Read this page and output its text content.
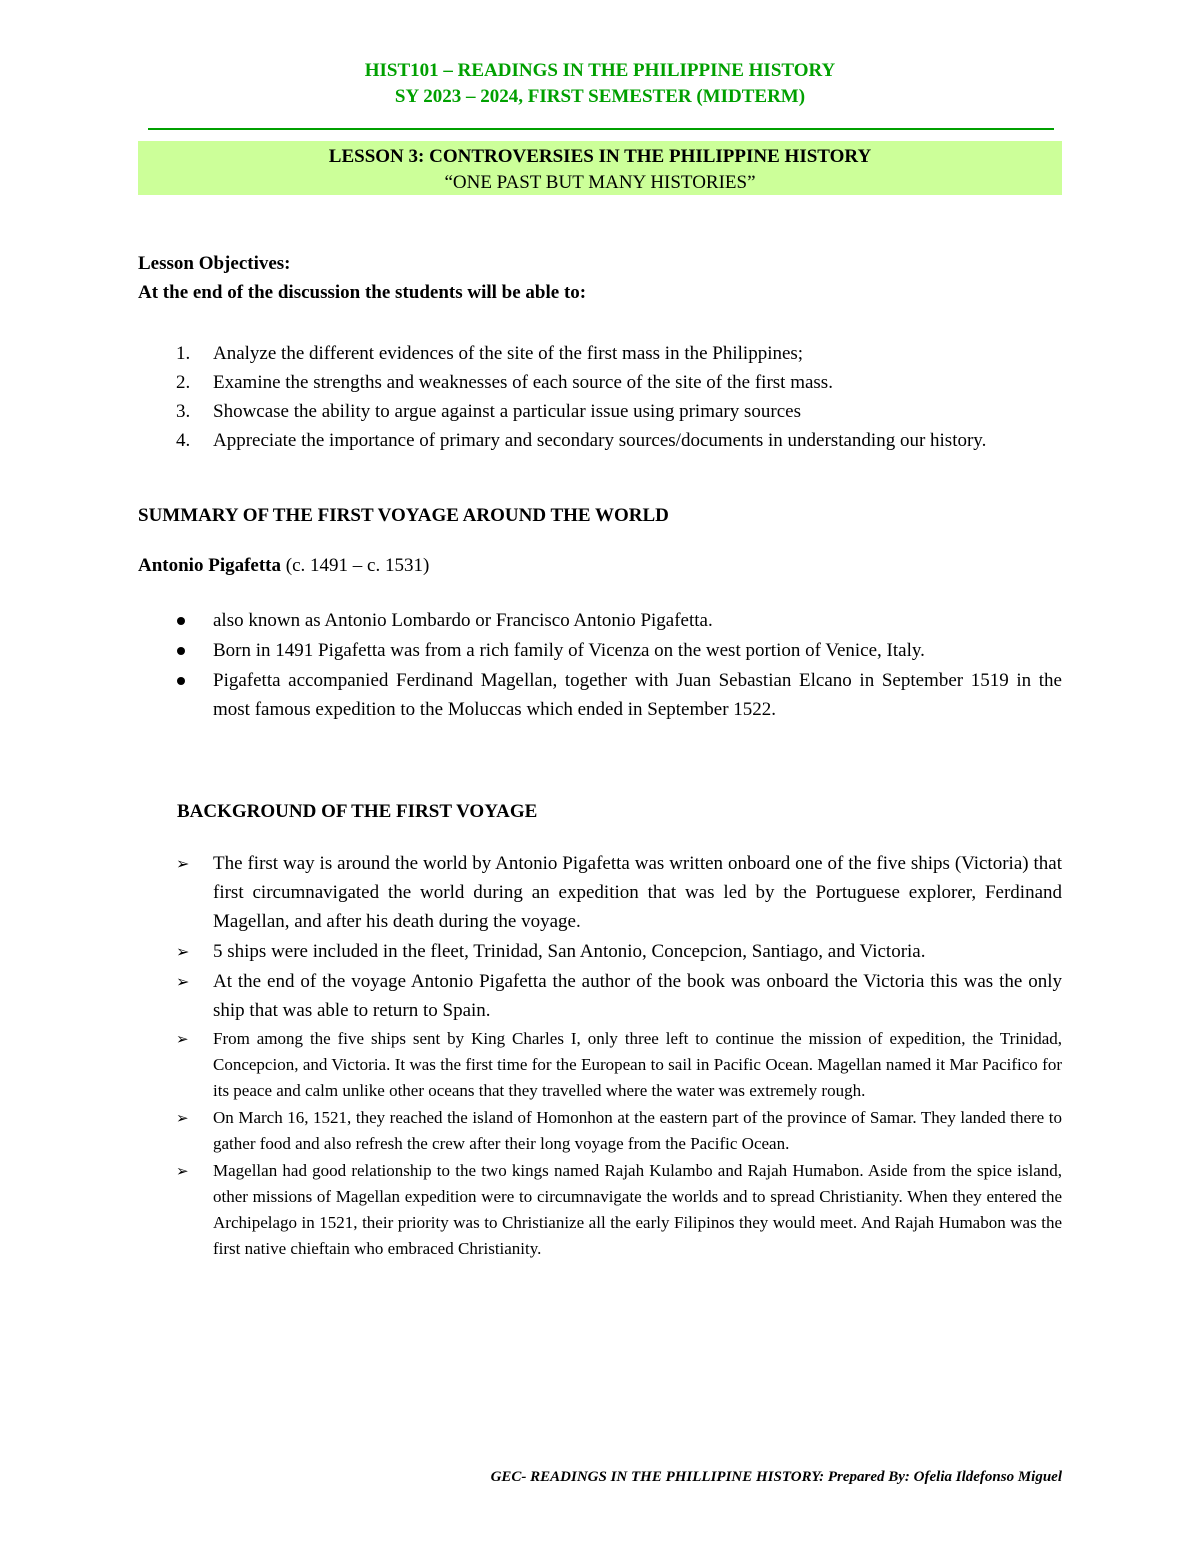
HIST101 – READINGS IN THE PHILIPPINE HISTORY
SY 2023 – 2024, FIRST SEMESTER (MIDTERM)
LESSON 3: CONTROVERSIES IN THE PHILIPPINE HISTORY
“ONE PAST BUT MANY HISTORIES”
Lesson Objectives:
At the end of the discussion the students will be able to:
1. Analyze the different evidences of the site of the first mass in the Philippines;
2. Examine the strengths and weaknesses of each source of the site of the first mass.
3. Showcase the ability to argue against a particular issue using primary sources
4. Appreciate the importance of primary and secondary sources/documents in understanding our history.
SUMMARY OF THE FIRST VOYAGE AROUND THE WORLD
Antonio Pigafetta (c. 1491 – c. 1531)
also known as Antonio Lombardo or Francisco Antonio Pigafetta.
Born in 1491 Pigafetta was from a rich family of Vicenza on the west portion of Venice, Italy.
Pigafetta accompanied Ferdinand Magellan, together with Juan Sebastian Elcano in September 1519 in the most famous expedition to the Moluccas which ended in September 1522.
BACKGROUND OF THE FIRST VOYAGE
➢ The first way is around the world by Antonio Pigafetta was written onboard one of the five ships (Victoria) that first circumnavigated the world during an expedition that was led by the Portuguese explorer, Ferdinand Magellan, and after his death during the voyage.
➢ 5 ships were included in the fleet, Trinidad, San Antonio, Concepcion, Santiago, and Victoria.
➢ At the end of the voyage Antonio Pigafetta the author of the book was onboard the Victoria this was the only ship that was able to return to Spain.
➢ From among the five ships sent by King Charles I, only three left to continue the mission of expedition, the Trinidad, Concepcion, and Victoria. It was the first time for the European to sail in Pacific Ocean. Magellan named it Mar Pacifico for its peace and calm unlike other oceans that they travelled where the water was extremely rough.
➢ On March 16, 1521, they reached the island of Homonhon at the eastern part of the province of Samar. They landed there to gather food and also refresh the crew after their long voyage from the Pacific Ocean.
➢ Magellan had good relationship to the two kings named Rajah Kulambo and Rajah Humabon. Aside from the spice island, other missions of Magellan expedition were to circumnavigate the worlds and to spread Christianity. When they entered the Archipelago in 1521, their priority was to Christianize all the early Filipinos they would meet. And Rajah Humabon was the first native chieftain who embraced Christianity.
GEC- READINGS IN THE PHILLIPINE HISTORY: Prepared By: Ofelia Ildefonso Miguel
